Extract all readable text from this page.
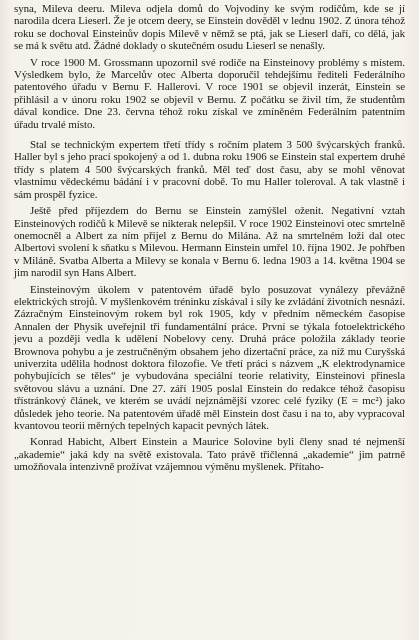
syna, Mileva deeru. Mileva odjela domů do Vojvodiny ke svým rodičům, kde se jí narodila dcera Lieserl. Že je otcem deery, se Einstein dověděl v lednu 1902. Z února téhož roku se dochoval Einsteinův dopis Milevě v němž se ptá, jak se Lieserl daří, co dělá, jak se má k světu atd. Žádné doklady o skutečném osudu Lieserl se nenašly.

V roce 1900 M. Grossmann upozornil své rodiče na Einsteinovy problémy s místem. Výsledkem bylo, že Marcelův otec Alberta doporučil tehdejšímu řediteli Federálního patentového úřadu v Bernu F. Hallerovi. V roce 1901 se objevil inzerát, Einstein se přihlásil a v únoru roku 1902 se objevil v Bernu. Z počátku se živil tím, že studentům dával kondice. Dne 23. června téhož roku získal ve zmíněném Federálním patentním úřadu trvalé místo.

Stal se technickým expertem třetí třídy s ročním platem 3 500 švýcarských franků. Haller byl s jeho prací spokojený a od 1. dubna roku 1906 se Einstein stal expertem druhé třídy s platem 4 500 švýcarských franků. Měl teď dost času, aby se mohl věnovat vlastnímu vědeckému bádání i v pracovní době. To mu Haller toleroval. A tak vlastně i sám prospěl fyzice.

Ještě před příjezdem do Bernu se Einstein zamýšlel oženit. Negativní vztah Einsteinových rodičů k Milevě se nikterak nelepšil. V roce 1902 Einsteinovi otec smrtelně onemocněl a Albert za ním přijel z Bernu do Milána. Až na smrtelném loži dal otec Albertovi svolení k sňatku s Milevou. Hermann Einstein umřel 10. října 1902. Je pohřben v Miláně. Svatba Alberta a Milevy se konala v Bernu 6. ledna 1903 a 14. května 1904 se jim narodil syn Hans Albert.

Einsteinovým úkolem v patentovém úřadě bylo posuzovat vynálezy převážně elektrických strojů. V myšlenkovém tréninku získával i síly ke zvládání životních nesnází. Zázračným Einsteinovým rokem byl rok 1905, kdy v předním německém časopise Annalen der Physik uveřejnil tři fundamentální práce. První se týkala fotoelektrického jevu a později vedla k udělení Nobelovy ceny. Druhá práce položila základy teorie Brownova pohybu a je zestručněným obsahem jeho dizertační práce, za níž mu Curyšská univerzita udělila hodnost doktora filozofie. Ve třetí práci s názvem „K elektrodynamice pohybujících se těles“ je vybudována speciální teorie relativity, Einsteinovi přinesla světovou slávu a uznání. Dne 27. září 1905 poslal Einstein do redakce téhož časopisu třístránkový článek, ve kterém se uvádí nejznámější vzorec celé fyziky (E = mc²) jako důsledek jeho teorie. Na patentovém úřadě měl Einstein dost času i na to, aby vypracoval kvantovou teorii měrných tepelných kapacit pevných látek.

Konrad Habicht, Albert Einstein a Maurice Solovine byli členy snad té nejmenší „akademie“ jaká kdy na světě existovala. Tato právě třičlenná „akademie“ jim patrně umožňovala intenzivně prožívat vzájemnou výměnu myšlenek. Přítaho-
